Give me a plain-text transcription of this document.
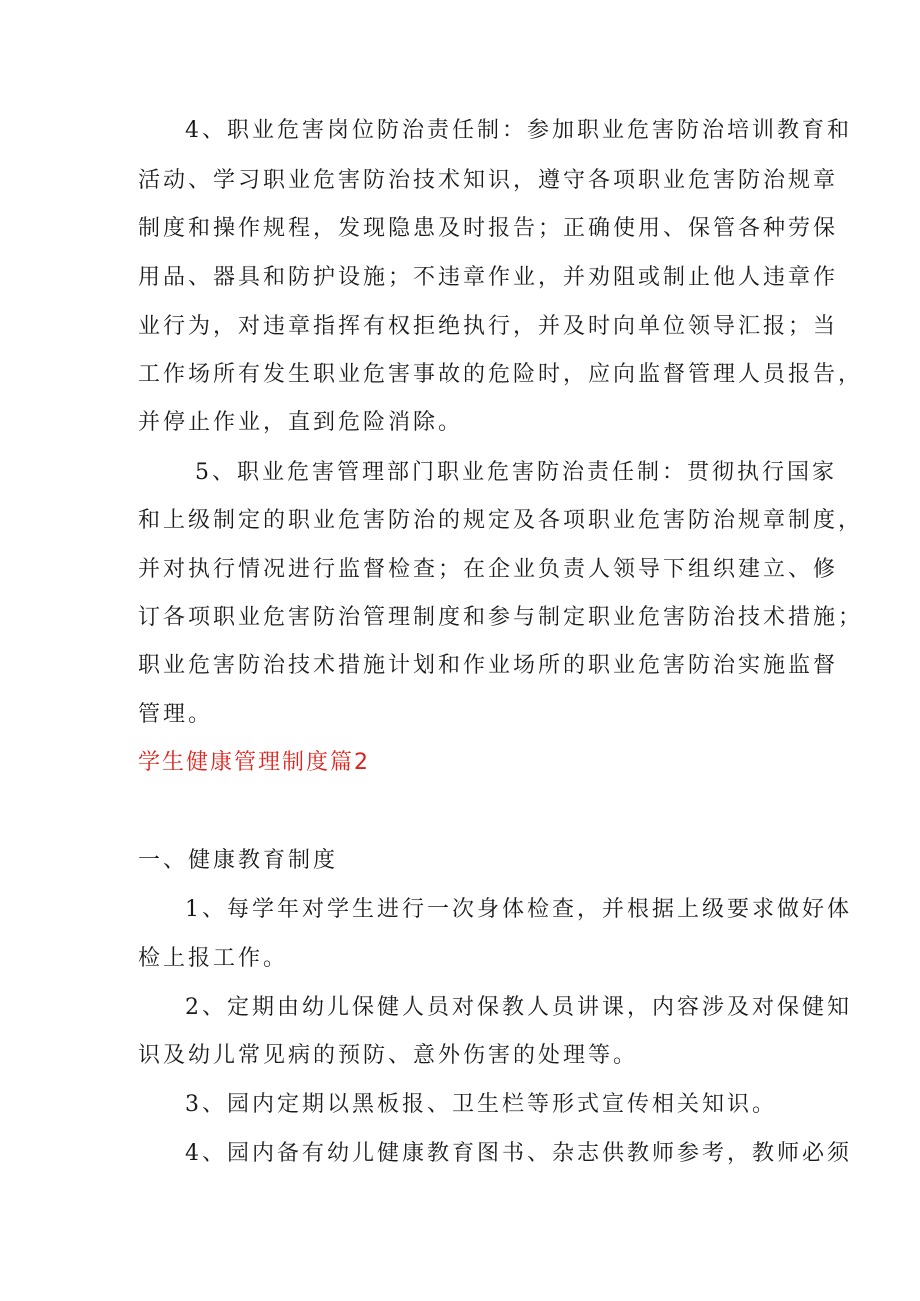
4、职业危害岗位防治责任制：参加职业危害防治培训教育和
活动、学习职业危害防治技术知识，遵守各项职业危害防治规章
制度和操作规程，发现隐患及时报告；正确使用、保管各种劳保
用品、器具和防护设施；不违章作业，并劝阻或制止他人违章作
业行为，对违章指挥有权拒绝执行，并及时向单位领导汇报；当
工作场所有发生职业危害事故的危险时，应向监督管理人员报告，
并停止作业，直到危险消除。
5、职业危害管理部门职业危害防治责任制：贯彻执行国家
和上级制定的职业危害防治的规定及各项职业危害防治规章制度，
并对执行情况进行监督检查；在企业负责人领导下组织建立、修
订各项职业危害防治管理制度和参与制定职业危害防治技术措施；
职业危害防治技术措施计划和作业场所的职业危害防治实施监督
管理。
学生健康管理制度篇2
一、健康教育制度
1、每学年对学生进行一次身体检查，并根据上级要求做好体
检上报工作。
2、定期由幼儿保健人员对保教人员讲课，内容涉及对保健知
识及幼儿常见病的预防、意外伤害的处理等。
3、园内定期以黑板报、卫生栏等形式宣传相关知识。
4、园内备有幼儿健康教育图书、杂志供教师参考，教师必须
